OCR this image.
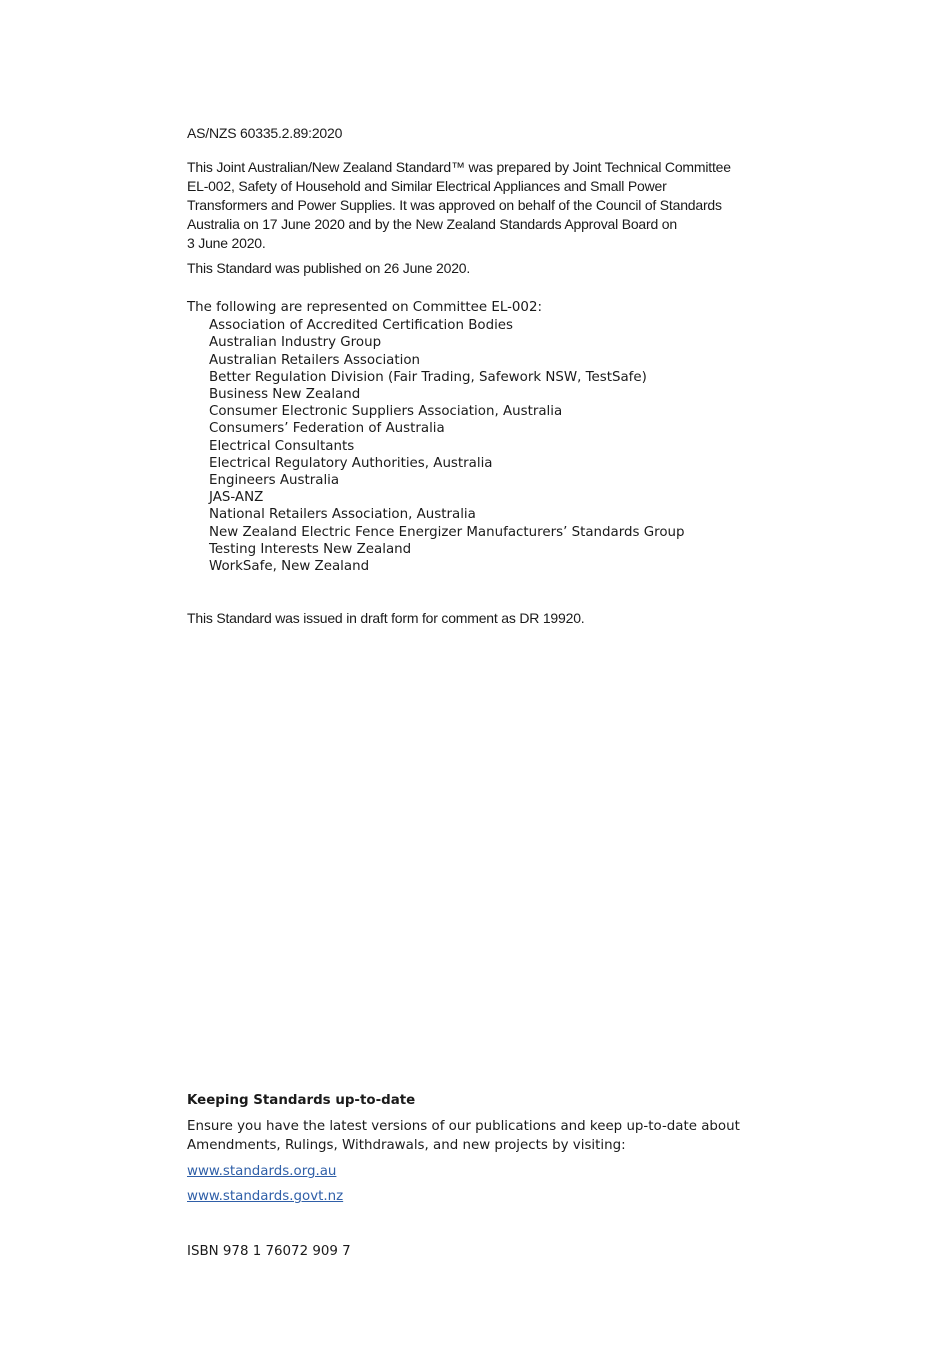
AS/NZS 60335.2.89:2020

This Joint Australian/New Zealand Standard™ was prepared by Joint Technical Committee
EL-002, Safety of Household and Similar Electrical Appliances and Small Power
Transformers and Power Supplies. It was approved on behalf of the Council of Standards
Australia on 17 June 2020 and by the New Zealand Standards Approval Board on
3 June 2020.

This Standard was published on 26 June 2020.

The following are represented on Committee EL-002:

Association of Accredited Certification Bodies
Australian Industry Group
Australian Retailers Association
Better Regulation Division (Fair Trading, Safework NSW, TestSafe)
Business New Zealand
Consumer Electronic Suppliers Association, Australia
Consumers’ Federation of Australia
Electrical Consultants
Electrical Regulatory Authorities, Australia
Engineers Australia
JAS-ANZ
National Retailers Association, Australia
New Zealand Electric Fence Energizer Manufacturers’ Standards Group
Testing Interests New Zealand
WorkSafe, New Zealand

This Standard was issued in draft form for comment as DR 19920.

Keeping Standards up-to-date

Ensure you have the latest versions of our publications and keep up-to-date about
Amendments, Rulings, Withdrawals, and new projects by visiting:

www.standards.org.au
www.standards.govt.nz

ISBN 978 1 76072 909 7
